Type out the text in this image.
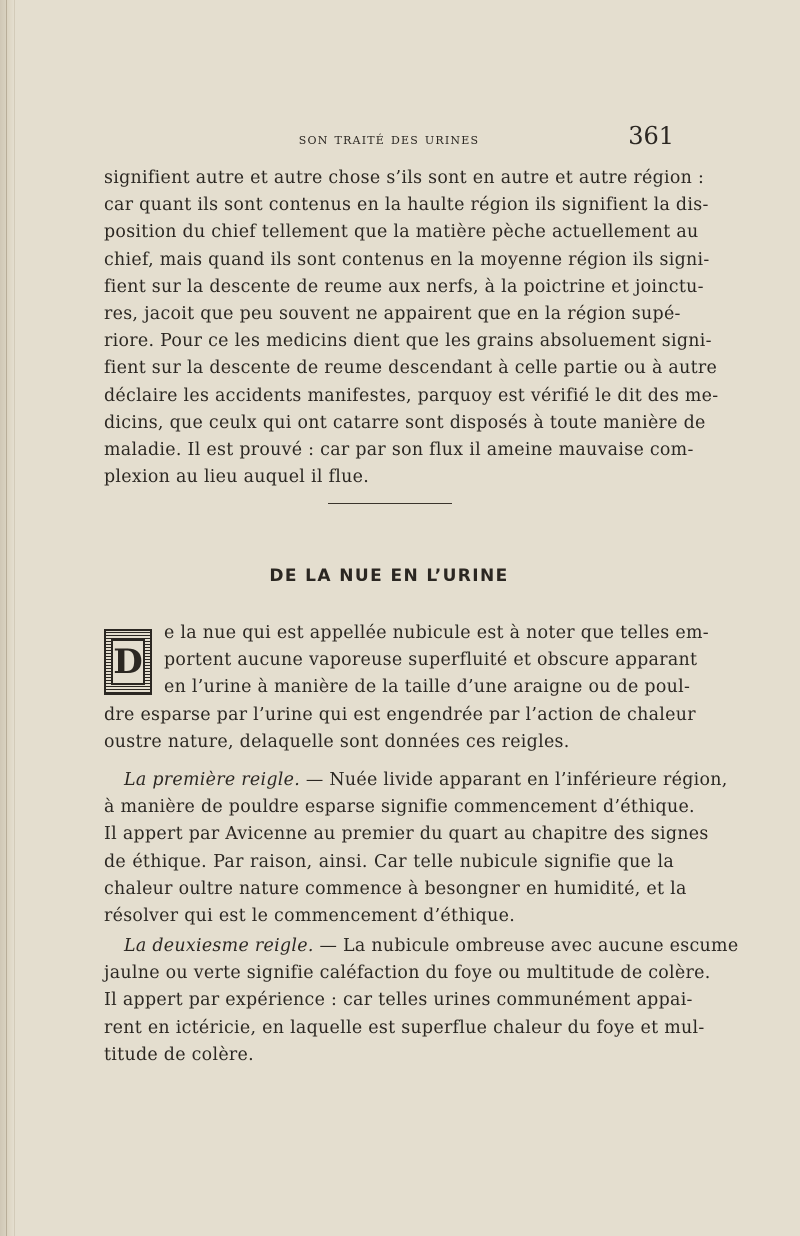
son traité des urines	361
signifient autre et autre chose s’ils sont en autre et autre région :
car quant ils sont contenus en la haulte région ils signifient la dis-
position du chief tellement que la matière pèche actuellement au
chief, mais quand ils sont contenus en la moyenne région ils signi-
fient sur la descente de reume aux nerfs, à la poictrine et joinctu-
res, jacoit que peu souvent ne appairent que en la région supé-
riore. Pour ce les medicins dient que les grains absoluement signi-
fient sur la descente de reume descendant à celle partie ou à autre
déclaire les accidents manifestes, parquoy est vérifié le dit des me-
dicins, que ceulx qui ont catarre sont disposés à toute manière de
maladie. Il est prouvé : car par son flux il ameine mauvaise com-
plexion au lieu auquel il flue.
DE LA NUE EN L’URINE
D
e la nue qui est appellée nubicule est à noter que telles em-
portent aucune vaporeuse superfluité et obscure apparant
en l’urine à manière de la taille d’une araigne ou de poul-
dre esparse par l’urine qui est engendrée par l’action de chaleur
oustre nature, delaquelle sont données ces reigles.
La première reigle. — Nuée livide apparant en l’inférieure région,
à manière de pouldre esparse signifie commencement d’éthique.
Il appert par Avicenne au premier du quart au chapitre des signes
de éthique. Par raison, ainsi. Car telle nubicule signifie que la
chaleur oultre nature commence à besongner en humidité, et la
résolver qui est le commencement d’éthique.
La deuxiesme reigle. — La nubicule ombreuse avec aucune escume
jaulne ou verte signifie caléfaction du foye ou multitude de colère.
Il appert par expérience : car telles urines communément appai-
rent en ictéricie, en laquelle est superflue chaleur du foye et mul-
titude de colère.
